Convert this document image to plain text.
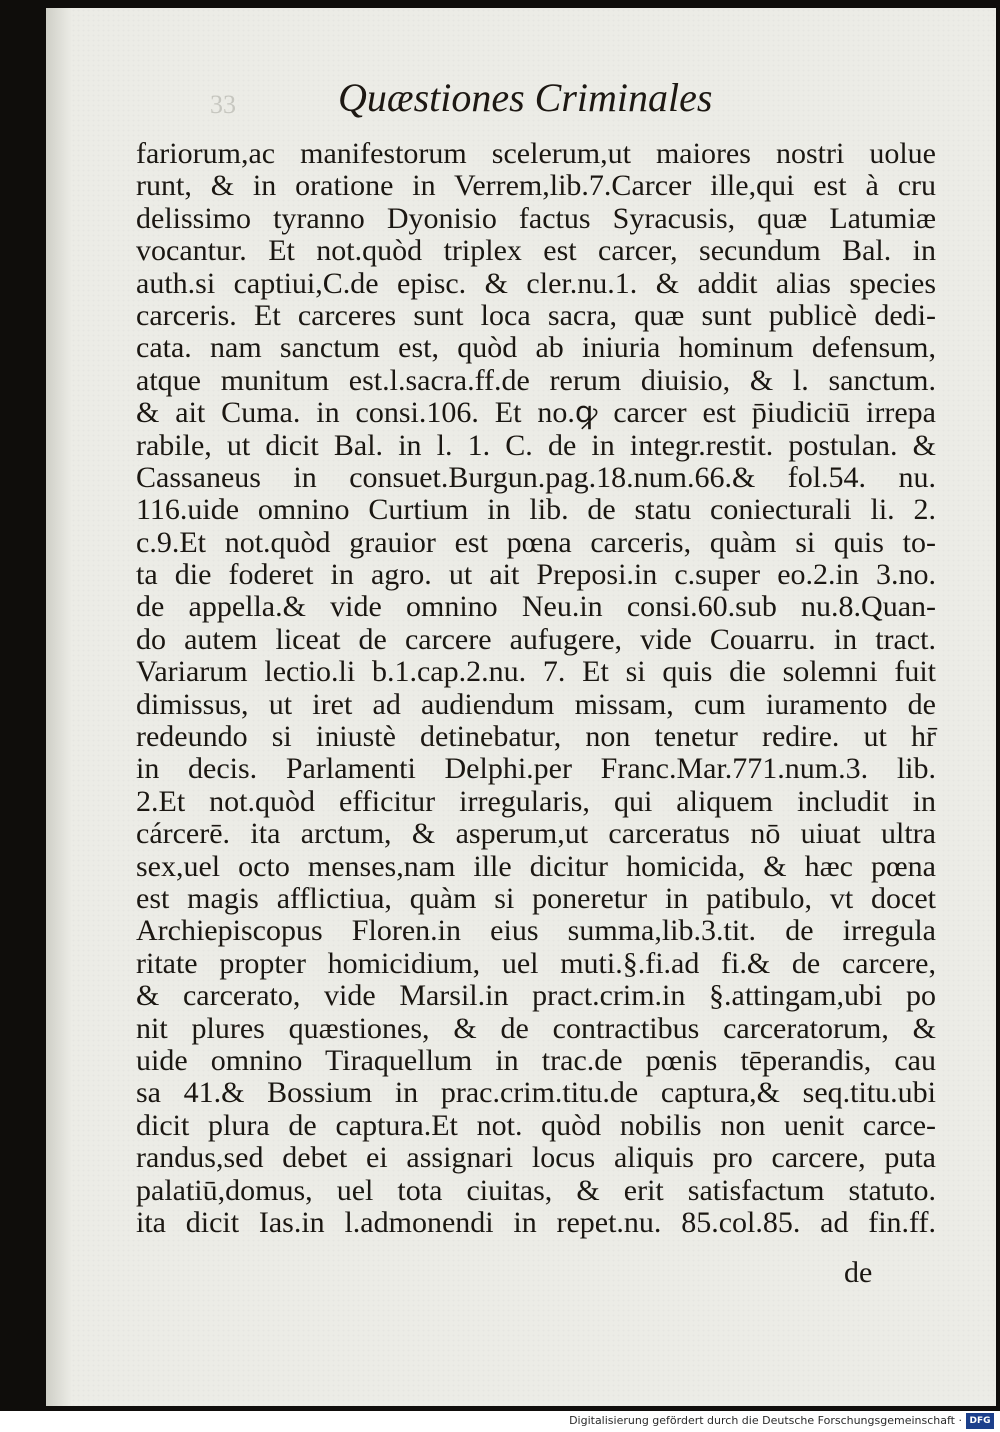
33	Quæstiones Criminales
fariorum,ac manifestorum scelerum,ut maiores nostri uolue
runt, & in oratione in Verrem,lib.7.Carcer ille,qui est à cru
delissimo tyranno Dyonisio factus Syracusis, quæ Latumiæ
vocantur. Et not.quòd triplex est carcer, secundum Bal. in
auth.si captiui,C.de episc. & cler.nu.1. & addit alias species
carceris. Et carceres sunt loca sacra, quæ sunt publicè dedi-
cata. nam sanctum est, quòd ab iniuria hominum defensum,
atque munitum est.l.sacra.ff.de rerum diuisio, & l. sanctum.
& ait Cuma. in consi.106. Et no.ꝙ carcer est p̄iudiciū irrepa
rabile, ut dicit Bal. in l. 1. C. de in integr.restit. postulan. &
Cassaneus in consuet.Burgun.pag.18.num.66.& fol.54. nu.
116.uide omnino Curtium in lib. de statu coniecturali li. 2.
c.9.Et not.quòd grauior est pœna carceris, quàm si quis to-
ta die foderet in agro. ut ait Preposi.in c.super eo.2.in 3.no.
de appella.& vide omnino Neu.in consi.60.sub nu.8.Quan-
do autem liceat de carcere aufugere, vide Couarru. in tract.
Variarum lectio.li b.1.cap.2.nu. 7. Et si quis die solemni fuit
dimissus, ut iret ad audiendum missam, cum iuramento de
redeundo si iniustè detinebatur, non tenetur redire. ut hr̄
in decis. Parlamenti Delphi.per Franc.Mar.771.num.3. lib.
2.Et not.quòd efficitur irregularis, qui aliquem includit in
cárcerē. ita arctum, & asperum,ut carceratus nō uiuat ultra
sex,uel octo menses,nam ille dicitur homicida, & hæc pœna
est magis afflictiua, quàm si poneretur in patibulo, vt docet
Archiepiscopus Floren.in eius summa,lib.3.tit. de irregula
ritate propter homicidium, uel muti.§.fi.ad fi.& de carcere,
& carcerato, vide Marsil.in pract.crim.in §.attingam,ubi po
nit plures quæstiones, & de contractibus carceratorum, &
uide omnino Tiraquellum in trac.de pœnis tēperandis, cau
sa 41.& Bossium in prac.crim.titu.de captura,& seq.titu.ubi
dicit plura de captura.Et not. quòd nobilis non uenit carce-
randus,sed debet ei assignari locus aliquis pro carcere, puta
palatiū,domus, uel tota ciuitas, & erit satisfactum statuto.
ita dicit Ias.in l.admonendi in repet.nu. 85.col.85. ad fin.ff.
de
Digitalisierung gefördert durch die Deutsche Forschungsgemeinschaft · DFG
